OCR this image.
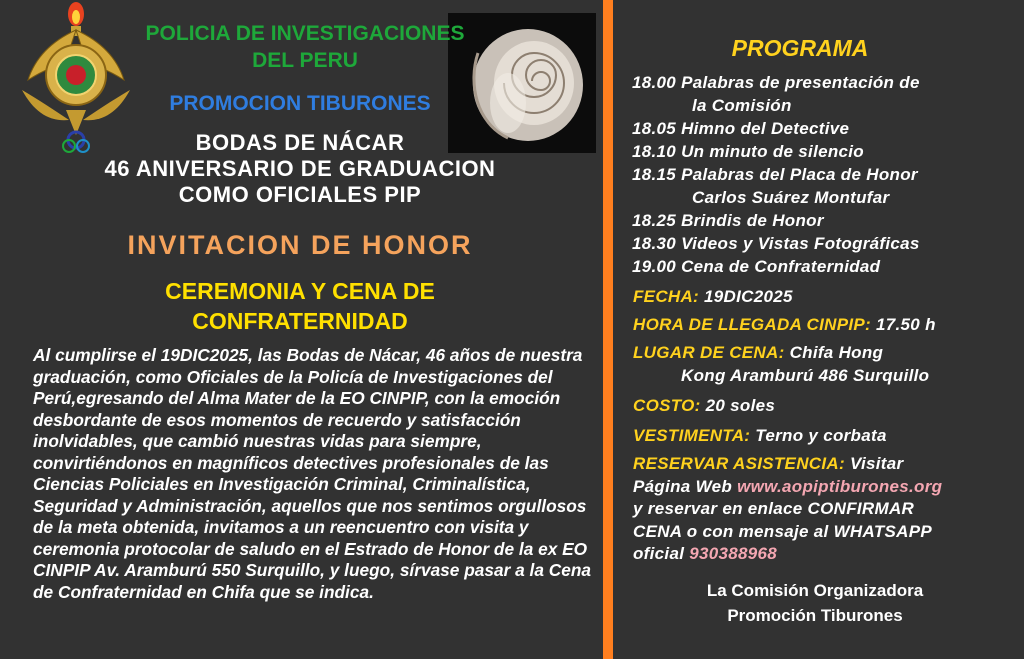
POLICIA DE INVESTIGACIONES
DEL PERU
PROMOCION TIBURONES
BODAS DE NÁCAR
46 ANIVERSARIO DE GRADUACION
COMO OFICIALES PIP
INVITACION DE HONOR
CEREMONIA Y CENA DE
CONFRATERNIDAD
Al cumplirse el 19DIC2025, las Bodas de Nácar, 46 años de nuestra graduación, como Oficiales de la Policía de Investigaciones del Perú,egresando del Alma Mater de la EO CINPIP, con la emoción desbordante de esos momentos de recuerdo y satisfacción inolvidables, que cambió nuestras vidas para siempre, convirtiéndonos en magníficos detectives profesionales de las Ciencias Policiales en Investigación Criminal, Criminalística, Seguridad y Administración, aquellos que nos sentimos orgullosos de la meta obtenida, invitamos a un reencuentro con visita y ceremonia protocolar de saludo en el Estrado de Honor de la ex EO CINPIP Av. Aramburú 550 Surquillo, y luego, sírvase pasar a la Cena de Confraternidad en Chifa que se indica.
PROGRAMA
18.00 Palabras de presentación de
la Comisión
18.05 Himno del Detective
18.10 Un minuto de silencio
18.15 Palabras del Placa de Honor
Carlos Suárez Montufar
18.25 Brindis de Honor
18.30 Videos y Vistas Fotográficas
19.00 Cena de Confraternidad
FECHA: 19DIC2025
HORA DE LLEGADA CINPIP: 17.50 h
LUGAR DE CENA: Chifa Hong
Kong Aramburú 486 Surquillo
COSTO: 20 soles
VESTIMENTA: Terno y corbata
RESERVAR ASISTENCIA: Visitar
Página Web www.aopiptiburones.org
y reservar en enlace CONFIRMAR
CENA o con mensaje al WHATSAPP
oficial 930388968
La Comisión Organizadora
Promoción Tiburones
